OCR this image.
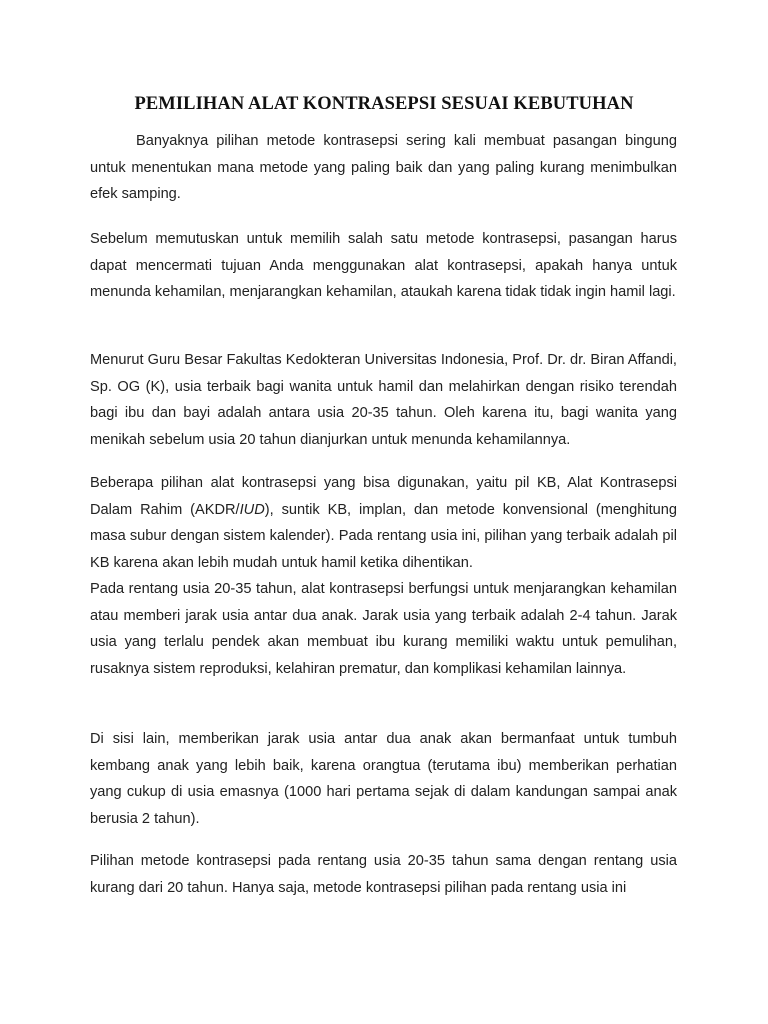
PEMILIHAN ALAT KONTRASEPSI SESUAI KEBUTUHAN

Banyaknya pilihan metode kontrasepsi sering kali membuat pasangan bingung untuk menentukan mana metode yang paling baik dan yang paling kurang menimbulkan efek samping.

Sebelum memutuskan untuk memilih salah satu metode kontrasepsi, pasangan harus dapat mencermati tujuan Anda menggunakan alat kontrasepsi, apakah hanya untuk menunda kehamilan, menjarangkan kehamilan, ataukah karena tidak tidak ingin hamil lagi.

Menurut Guru Besar Fakultas Kedokteran Universitas Indonesia, Prof. Dr. dr. Biran Affandi, Sp. OG (K), usia terbaik bagi wanita untuk hamil dan melahirkan dengan risiko terendah bagi ibu dan bayi adalah antara usia 20-35 tahun. Oleh karena itu, bagi wanita yang menikah sebelum usia 20 tahun dianjurkan untuk menunda kehamilannya.

Beberapa pilihan alat kontrasepsi yang bisa digunakan, yaitu pil KB, Alat Kontrasepsi Dalam Rahim (AKDR/IUD), suntik KB, implan, dan metode konvensional (menghitung masa subur dengan sistem kalender). Pada rentang usia ini, pilihan yang terbaik adalah pil KB karena akan lebih mudah untuk hamil ketika dihentikan.

Pada rentang usia 20-35 tahun, alat kontrasepsi berfungsi untuk menjarangkan kehamilan atau memberi jarak usia antar dua anak. Jarak usia yang terbaik adalah 2-4 tahun. Jarak usia yang terlalu pendek akan membuat ibu kurang memiliki waktu untuk pemulihan, rusaknya sistem reproduksi, kelahiran prematur, dan komplikasi kehamilan lainnya.

Di sisi lain, memberikan jarak usia antar dua anak akan bermanfaat untuk tumbuh kembang anak yang lebih baik, karena orangtua (terutama ibu) memberikan perhatian yang cukup di usia emasnya (1000 hari pertama sejak di dalam kandungan sampai anak berusia 2 tahun).

Pilihan metode kontrasepsi pada rentang usia 20-35 tahun sama dengan rentang usia kurang dari 20 tahun. Hanya saja, metode kontrasepsi pilihan pada rentang usia ini
